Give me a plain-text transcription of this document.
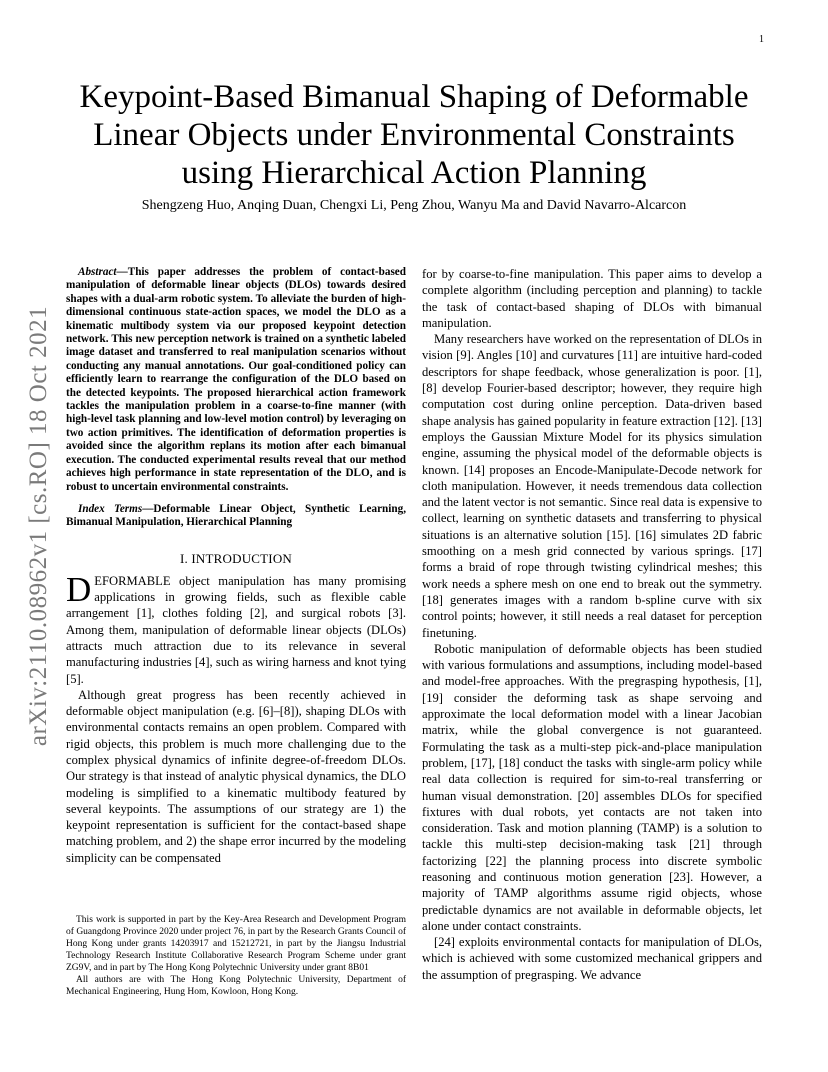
1
arXiv:2110.08962v1 [cs.RO] 18 Oct 2021
Keypoint-Based Bimanual Shaping of Deformable
Linear Objects under Environmental Constraints
using Hierarchical Action Planning
Shengzeng Huo, Anqing Duan, Chengxi Li, Peng Zhou, Wanyu Ma and David Navarro-Alcarcon

Abstract—This paper addresses the problem of contact-based manipulation of deformable linear objects (DLOs) towards desired shapes with a dual-arm robotic system. To alleviate the burden of high-dimensional continuous state-action spaces, we model the DLO as a kinematic multibody system via our proposed keypoint detection network. This new perception network is trained on a synthetic labeled image dataset and transferred to real manipulation scenarios without conducting any manual annotations. Our goal-conditioned policy can efficiently learn to rearrange the configuration of the DLO based on the detected keypoints. The proposed hierarchical action framework tackles the manipulation problem in a coarse-to-fine manner (with high-level task planning and low-level motion control) by leveraging on two action primitives. The identification of deformation properties is avoided since the algorithm replans its motion after each bimanual execution. The conducted experimental results reveal that our method achieves high performance in state representation of the DLO, and is robust to uncertain environmental constraints.

Index Terms—Deformable Linear Object, Synthetic Learning, Bimanual Manipulation, Hierarchical Planning

I. INTRODUCTION

DEFORMABLE object manipulation has many promising applications in growing fields, such as flexible cable arrangement [1], clothes folding [2], and surgical robots [3]. Among them, manipulation of deformable linear objects (DLOs) attracts much attraction due to its relevance in several manufacturing industries [4], such as wiring harness and knot tying [5].

Although great progress has been recently achieved in deformable object manipulation (e.g. [6]–[8]), shaping DLOs with environmental contacts remains an open problem. Compared with rigid objects, this problem is much more challenging due to the complex physical dynamics of infinite degree-of-freedom DLOs. Our strategy is that instead of analytic physical dynamics, the DLO modeling is simplified to a kinematic multibody featured by several keypoints. The assumptions of our strategy are 1) the keypoint representation is sufficient for the contact-based shape matching problem, and 2) the shape error incurred by the modeling simplicity can be compensated

This work is supported in part by the Key-Area Research and Development Program of Guangdong Province 2020 under project 76, in part by the Research Grants Council of Hong Kong under grants 14203917 and 15212721, in part by the Jiangsu Industrial Technology Research Institute Collaborative Research Program Scheme under grant ZG9V, and in part by The Hong Kong Polytechnic University under grant 8B01

All authors are with The Hong Kong Polytechnic University, Department of Mechanical Engineering, Hung Hom, Kowloon, Hong Kong.

for by coarse-to-fine manipulation. This paper aims to develop a complete algorithm (including perception and planning) to tackle the task of contact-based shaping of DLOs with bimanual manipulation.

Many researchers have worked on the representation of DLOs in vision [9]. Angles [10] and curvatures [11] are intuitive hard-coded descriptors for shape feedback, whose generalization is poor. [1], [8] develop Fourier-based descriptor; however, they require high computation cost during online perception. Data-driven based shape analysis has gained popularity in feature extraction [12]. [13] employs the Gaussian Mixture Model for its physics simulation engine, assuming the physical model of the deformable objects is known. [14] proposes an Encode-Manipulate-Decode network for cloth manipulation. However, it needs tremendous data collection and the latent vector is not semantic. Since real data is expensive to collect, learning on synthetic datasets and transferring to physical situations is an alternative solution [15]. [16] simulates 2D fabric smoothing on a mesh grid connected by various springs. [17] forms a braid of rope through twisting cylindrical meshes; this work needs a sphere mesh on one end to break out the symmetry. [18] generates images with a random b-spline curve with six control points; however, it still needs a real dataset for perception finetuning.

Robotic manipulation of deformable objects has been studied with various formulations and assumptions, including model-based and model-free approaches. With the pregrasping hypothesis, [1], [19] consider the deforming task as shape servoing and approximate the local deformation model with a linear Jacobian matrix, while the global convergence is not guaranteed. Formulating the task as a multi-step pick-and-place manipulation problem, [17], [18] conduct the tasks with single-arm policy while real data collection is required for sim-to-real transferring or human visual demonstration. [20] assembles DLOs for specified fixtures with dual robots, yet contacts are not taken into consideration. Task and motion planning (TAMP) is a solution to tackle this multi-step decision-making task [21] through factorizing [22] the planning process into discrete symbolic reasoning and continuous motion generation [23]. However, a majority of TAMP algorithms assume rigid objects, whose predictable dynamics are not available in deformable objects, let alone under contact constraints.

[24] exploits environmental contacts for manipulation of DLOs, which is achieved with some customized mechanical grippers and the assumption of pregrasping. We advance
